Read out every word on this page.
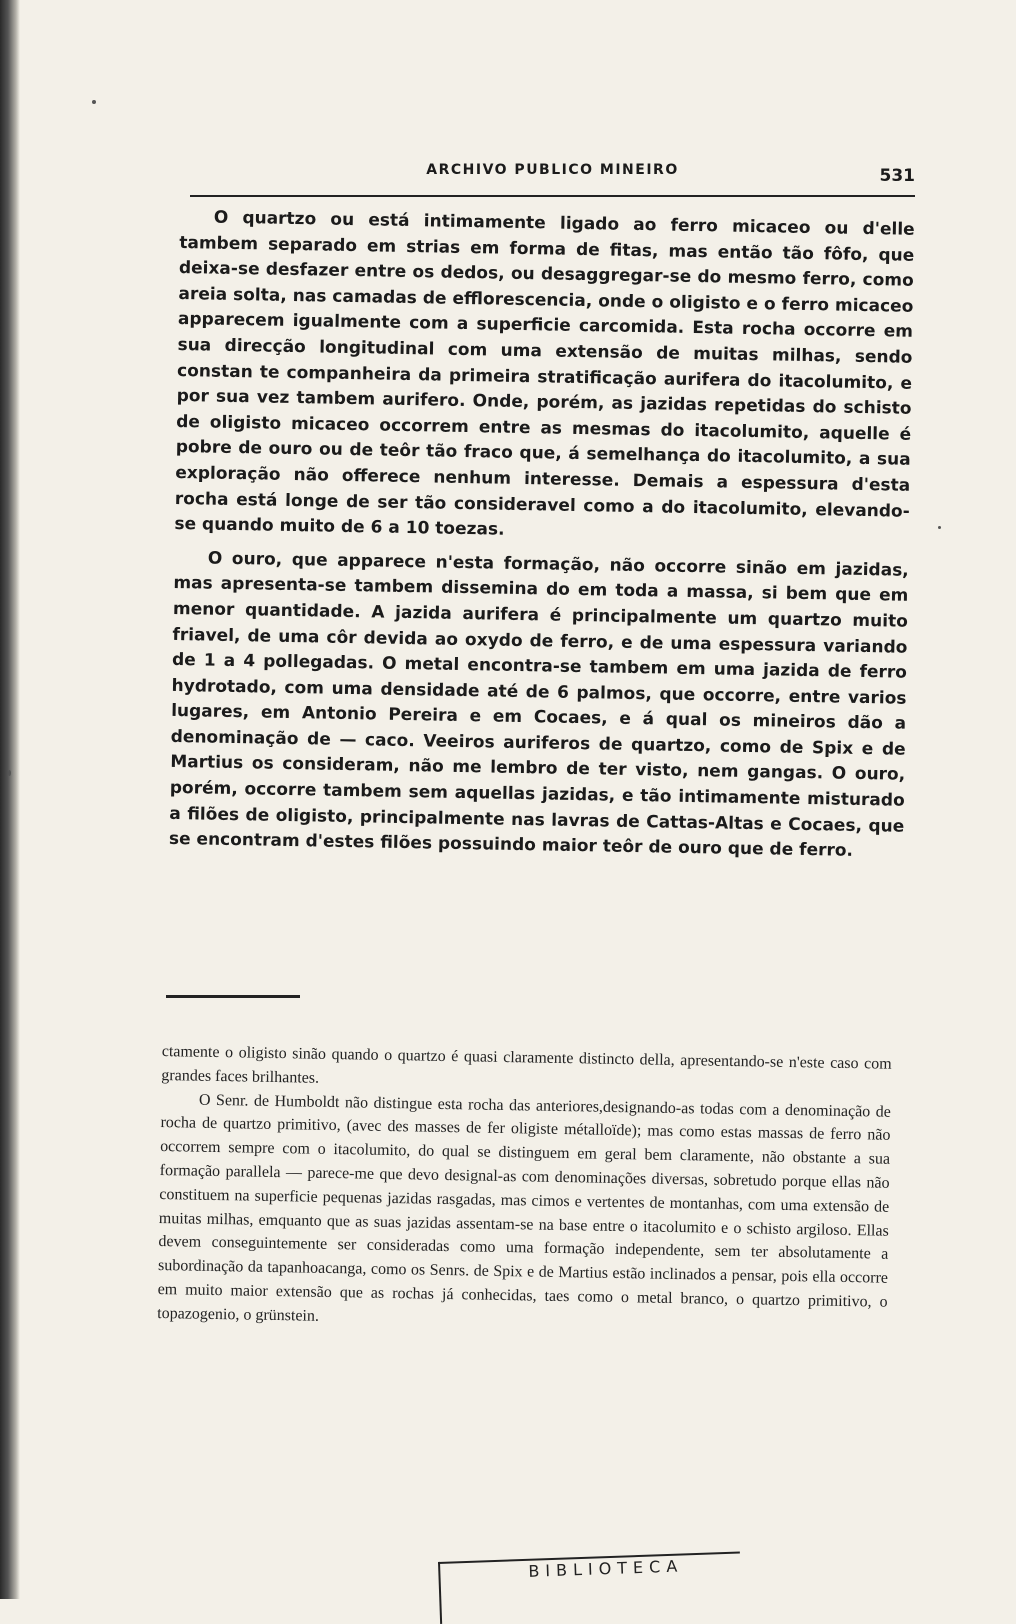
ARCHIVO PUBLICO MINEIRO	531

O quartzo ou está intimamente ligado ao ferro micaceo ou d'elle tambem separado em strias em forma de fitas, mas então tão fôfo, que deixa-se desfazer entre os dedos, ou desaggregar-se do mesmo ferro, como areia solta, nas camadas de efflorescencia, onde o oligisto e o ferro micaceo apparecem igualmente com a superficie carcomida. Esta rocha occorre em sua direcção longitudinal com uma extensão de muitas milhas, sendo constan te companheira da primeira stratificação aurifera do itacolumito, e por sua vez tambem aurifero. Onde, porém, as jazidas repetidas do schisto de oligisto micaceo occorrem entre as mesmas do itacolumito, aquelle é pobre de ouro ou de teôr tão fraco que, á semelhança do itacolumito, a sua exploração não offerece nenhum interesse. Demais a espessura d'esta rocha está longe de ser tão consideravel como a do itacolumito, elevando-se quando muito de 6 a 10 toezas.

O ouro, que apparece n'esta formação, não occorre sinão em jazidas, mas apresenta-se tambem dissemina do em toda a massa, si bem que em menor quantidade. A jazida aurifera é principalmente um quartzo muito friavel, de uma côr devida ao oxydo de ferro, e de uma espessura variando de 1 a 4 pollegadas. O metal encontra-se tambem em uma jazida de ferro hydrotado, com uma densidade até de 6 palmos, que occorre, entre varios lugares, em Antonio Pereira e em Cocaes, e á qual os mineiros dão a denominação de — caco. Veeiros auriferos de quartzo, como de Spix e de Martius os consideram, não me lembro de ter visto, nem gangas. O ouro, porém, occorre tambem sem aquellas jazidas, e tão intimamente misturado a filões de oligisto, principalmente nas lavras de Cattas-Altas e Cocaes, que se encontram d'estes filões possuindo maior teôr de ouro que de ferro.

ctamente o oligisto sinão quando o quartzo é quasi claramente distincto della, apresentando-se n'este caso com grandes faces brilhantes.

O Senr. de Humboldt não distingue esta rocha das anteriores,designando-as todas com a denominação de rocha de quartzo primitivo, (avec des masses de fer oligiste métalloïde); mas como estas massas de ferro não occorrem sempre com o itacolumito, do qual se distinguem em geral bem claramente, não obstante a sua formação parallela — parece-me que devo designal-as com denominações diversas, sobretudo porque ellas não constituem na superficie pequenas jazidas rasgadas, mas cimos e vertentes de montanhas, com uma extensão de muitas milhas, emquanto que as suas jazidas assentam-se na base entre o itacolumito e o schisto argiloso. Ellas devem conseguintemente ser consideradas como uma formação independente, sem ter absolutamente a subordinação da tapanhoacanga, como os Senrs. de Spix e de Martius estão inclinados a pensar, pois ella occorre em muito maior extensão que as rochas já conhecidas, taes como o metal branco, o quartzo primitivo, o topazogenio, o grünstein.

BIBLIOTECA
